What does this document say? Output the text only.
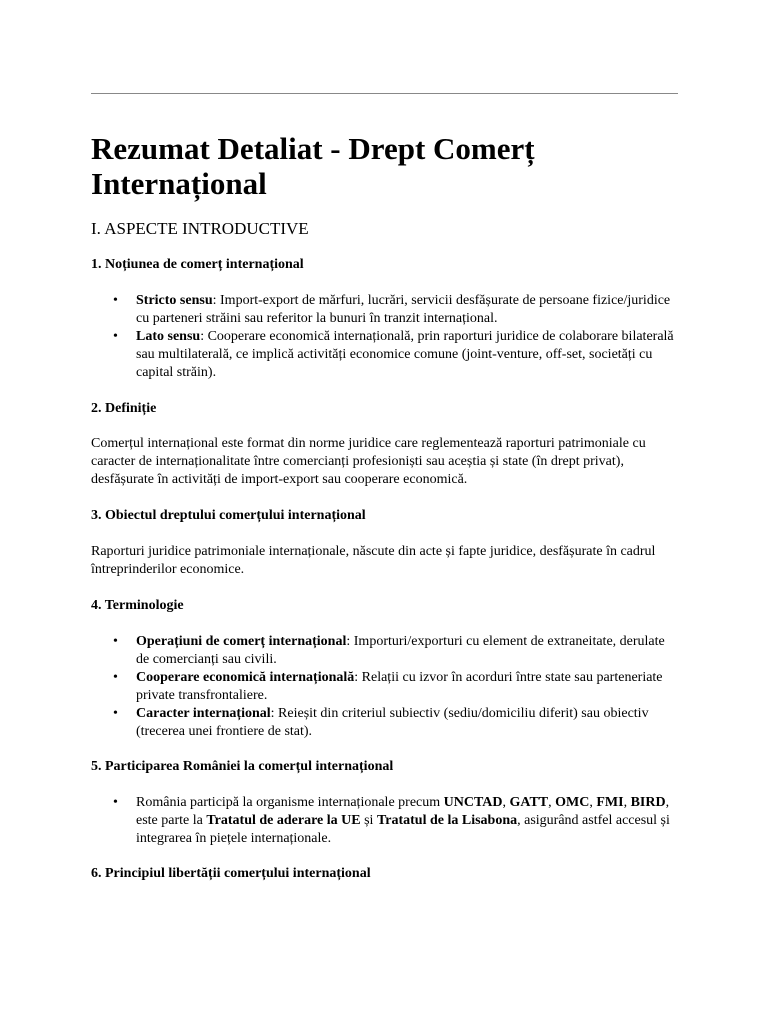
Rezumat Detaliat - Drept Comerț Internațional
I. ASPECTE INTRODUCTIVE
1. Noțiunea de comerț internațional
• Stricto sensu: Import-export de mărfuri, lucrări, servicii desfășurate de persoane fizice/juridice cu parteneri străini sau referitor la bunuri în tranzit internațional.
• Lato sensu: Cooperare economică internațională, prin raporturi juridice de colaborare bilaterală sau multilaterală, ce implică activități economice comune (joint-venture, off-set, societăți cu capital străin).
2. Definiție

Comerțul internațional este format din norme juridice care reglementează raporturi patrimoniale cu caracter de internaționalitate între comercianți profesioniști sau aceștia și state (în drept privat), desfășurate în activități de import-export sau cooperare economică.

3. Obiectul dreptului comerțului internațional

Raporturi juridice patrimoniale internaționale, născute din acte și fapte juridice, desfășurate în cadrul întreprinderilor economice.

4. Terminologie
• Operațiuni de comerț internațional: Importuri/exporturi cu element de extraneitate, derulate de comercianți sau civili.
• Cooperare economică internațională: Relații cu izvor în acorduri între state sau parteneriate private transfrontaliere.
• Caracter internațional: Reieșit din criteriul subiectiv (sediu/domiciliu diferit) sau obiectiv (trecerea unei frontiere de stat).
5. Participarea României la comerțul internațional
• România participă la organisme internaționale precum UNCTAD, GATT, OMC, FMI, BIRD, este parte la Tratatul de aderare la UE și Tratatul de la Lisabona, asigurând astfel accesul și integrarea în piețele internaționale.
6. Principiul libertății comerțului internațional
